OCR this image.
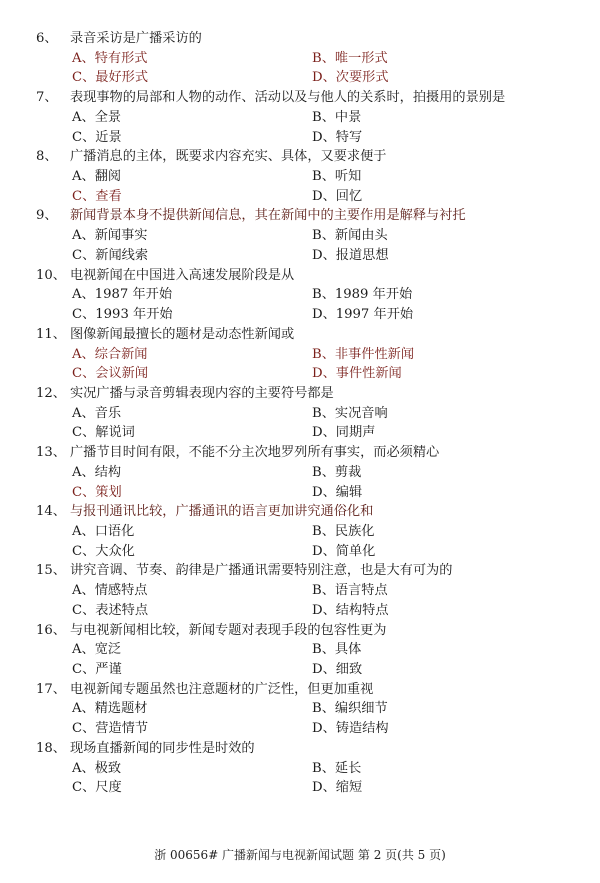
6、 录音采访是广播采访的
A、特有形式	B、唯一形式
C、最好形式	D、次要形式
7、 表现事物的局部和人物的动作、活动以及与他人的关系时，拍摄用的景别是
A、全景	B、中景
C、近景	D、特写
8、 广播消息的主体，既要求内容充实、具体，又要求便于
A、翻阅	B、听知
C、查看	D、回忆
9、 新闻背景本身不提供新闻信息，其在新闻中的主要作用是解释与衬托
A、新闻事实	B、新闻由头
C、新闻线索	D、报道思想
10、 电视新闻在中国进入高速发展阶段是从
A、1987 年开始	B、1989 年开始
C、1993 年开始	D、1997 年开始
11、 图像新闻最擅长的题材是动态性新闻或
A、综合新闻	B、非事件性新闻
C、会议新闻	D、事件性新闻
12、 实况广播与录音剪辑表现内容的主要符号都是
A、音乐	B、实况音响
C、解说词	D、同期声
13、 广播节目时间有限，不能不分主次地罗列所有事实，而必须精心
A、结构	B、剪裁
C、策划	D、编辑
14、 与报刊通讯比较，广播通讯的语言更加讲究通俗化和
A、口语化	B、民族化
C、大众化	D、简单化
15、 讲究音调、节奏、韵律是广播通讯需要特别注意，也是大有可为的
A、情感特点	B、语言特点
C、表述特点	D、结构特点
16、 与电视新闻相比较，新闻专题对表现手段的包容性更为
A、宽泛	B、具体
C、严谨	D、细致
17、 电视新闻专题虽然也注意题材的广泛性，但更加重视
A、精选题材	B、编织细节
C、营造情节	D、铸造结构
18、 现场直播新闻的同步性是时效的
A、极致	B、延长
C、尺度	D、缩短
浙 00656# 广播新闻与电视新闻试题 第 2 页(共 5 页)
